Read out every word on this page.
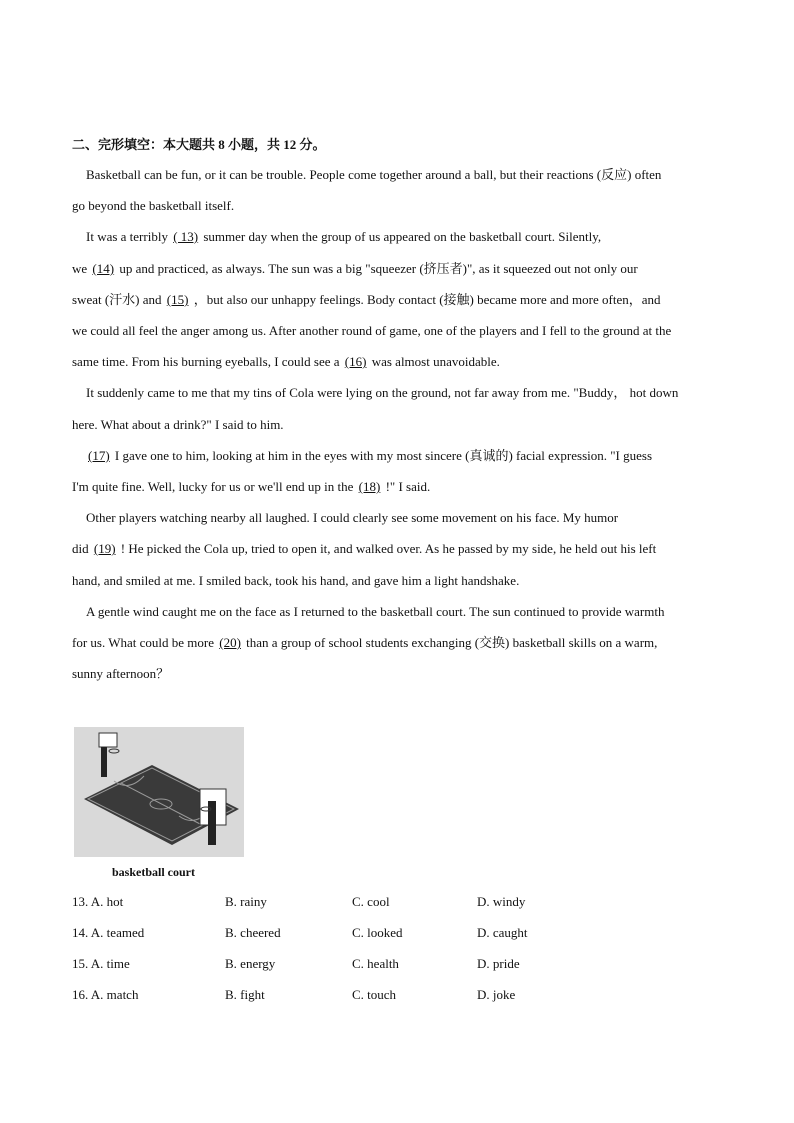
二、完形填空：本大题共 8 小题，共 12 分。
Basketball can be fun, or it can be trouble. People come together around a ball, but their reactions (反应) often
go beyond the basketball itself.
It was a terribly ( 13) summer day when the group of us appeared on the basketball court. Silently,
we (14) up and practiced, as always. The sun was a big "squeezer (挤压者)", as it squeezed out not only our
sweat (汗水) and (15) ，but also our unhappy feelings. Body contact (接触) became more and more often，and
we could all feel the anger among us. After another round of game, one of the players and I fell to the ground at the
same time. From his burning eyeballs, I could see a (16) was almost unavoidable.
It suddenly came to me that my tins of Cola were lying on the ground, not far away from me. "Buddy， hot down
here. What about a drink?" I said to him.
(17) I gave one to him, looking at him in the eyes with my most sincere (真诚的) facial expression. "I guess
I'm quite fine. Well, lucky for us or we'll end up in the (18) !" I said.
Other players watching nearby all laughed. I could clearly see some movement on his face. My humor
did (19) ! He picked the Cola up, tried to open it, and walked over. As he passed by my side, he held out his left
hand, and smiled at me. I smiled back, took his hand, and gave him a light handshake.
A gentle wind caught me on the face as I returned to the basketball court. The sun continued to provide warmth
for us. What could be more (20) than a group of school students exchanging (交换) basketball skills on a warm,
sunny afternoon？
basketball court
13. A. hot	B. rainy	C. cool	D. windy
14. A. teamed	B. cheered	C. looked	D. caught
15. A. time	B. energy	C. health	D. pride
16. A. match	B. fight	C. touch	D. joke
